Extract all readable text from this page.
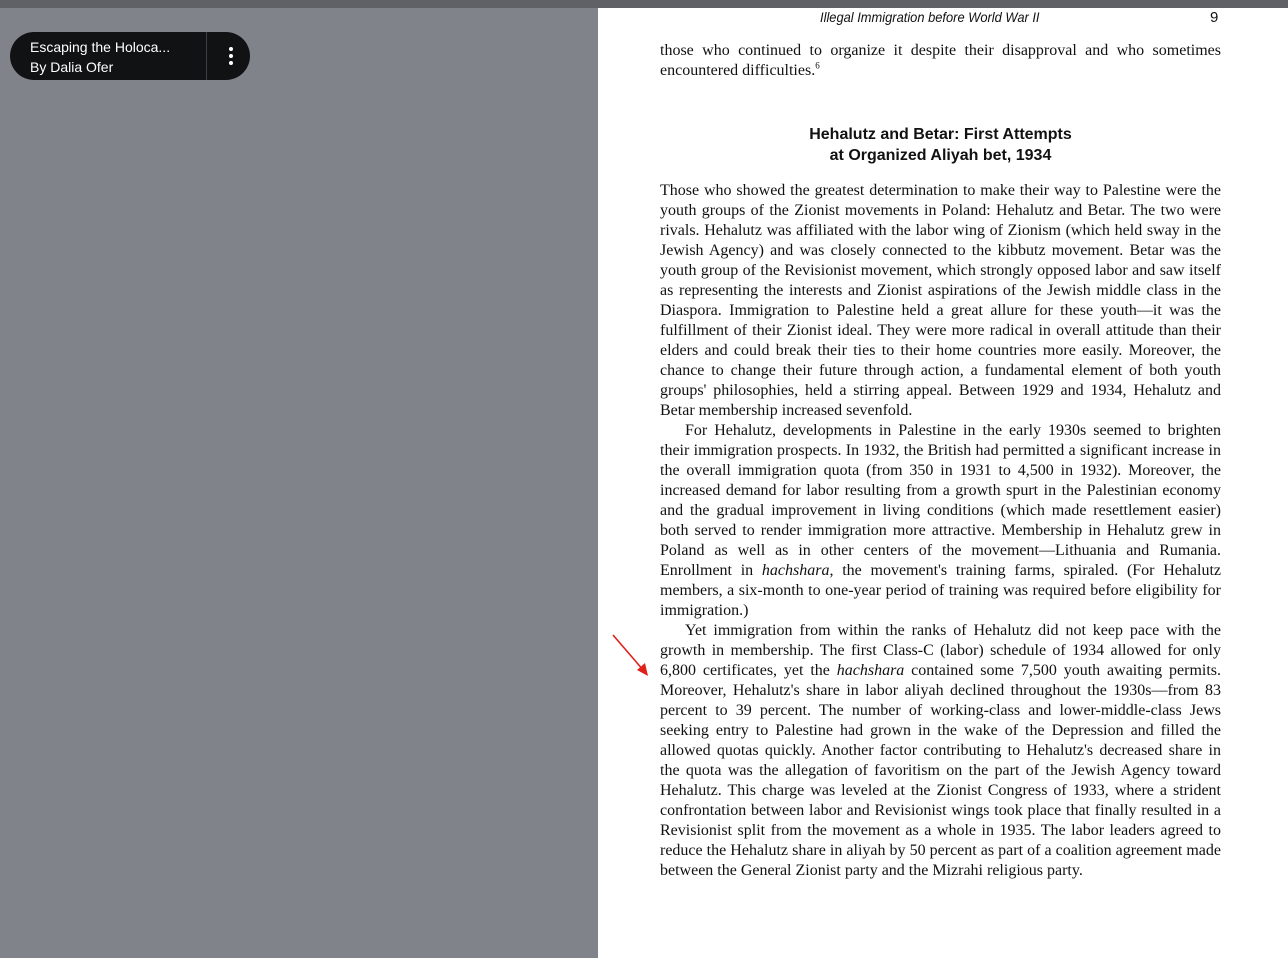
Escaping the Holoca...
By Dalia Ofer
Illegal Immigration before World War II	9

those who continued to organize it despite their disapproval and who sometimes encountered difficulties.$^6$

Hehalutz and Betar: First Attempts
at Organized Aliyah bet, 1934

Those who showed the greatest determination to make their way to Palestine were the youth groups of the Zionist movements in Poland: Hehalutz and Betar. The two were rivals. Hehalutz was affiliated with the labor wing of Zionism (which held sway in the Jewish Agency) and was closely connected to the kibbutz movement. Betar was the youth group of the Revisionist movement, which strongly opposed labor and saw itself as representing the interests and Zionist aspirations of the Jewish middle class in the Diaspora. Immigration to Palestine held a great allure for these youth—it was the fulfillment of their Zionist ideal. They were more radical in overall attitude than their elders and could break their ties to their home countries more easily. Moreover, the chance to change their future through action, a fundamental element of both youth groups' philosophies, held a stirring appeal. Between 1929 and 1934, Hehalutz and Betar membership increased sevenfold.

For Hehalutz, developments in Palestine in the early 1930s seemed to brighten their immigration prospects. In 1932, the British had permitted a significant increase in the overall immigration quota (from 350 in 1931 to 4,500 in 1932). Moreover, the increased demand for labor resulting from a growth spurt in the Palestinian economy and the gradual improvement in living conditions (which made resettlement easier) both served to render immigration more attractive. Membership in Hehalutz grew in Poland as well as in other centers of the movement—Lithuania and Rumania. Enrollment in hachshara, the movement's training farms, spiraled. (For Hehalutz members, a six-month to one-year period of training was required before eligibility for immigration.)

Yet immigration from within the ranks of Hehalutz did not keep pace with the growth in membership. The first Class-C (labor) schedule of 1934 allowed for only 6,800 certificates, yet the hachshara contained some 7,500 youth awaiting permits. Moreover, Hehalutz's share in labor aliyah declined throughout the 1930s—from 83 percent to 39 percent. The number of working-class and lower-middle-class Jews seeking entry to Palestine had grown in the wake of the Depression and filled the allowed quotas quickly. Another factor contributing to Hehalutz's decreased share in the quota was the allegation of favoritism on the part of the Jewish Agency toward Hehalutz. This charge was leveled at the Zionist Congress of 1933, where a strident confrontation between labor and Revisionist wings took place that finally resulted in a Revisionist split from the movement as a whole in 1935. The labor leaders agreed to reduce the Hehalutz share in aliyah by 50 percent as part of a coalition agreement made between the General Zionist party and the Mizrahi religious party.
